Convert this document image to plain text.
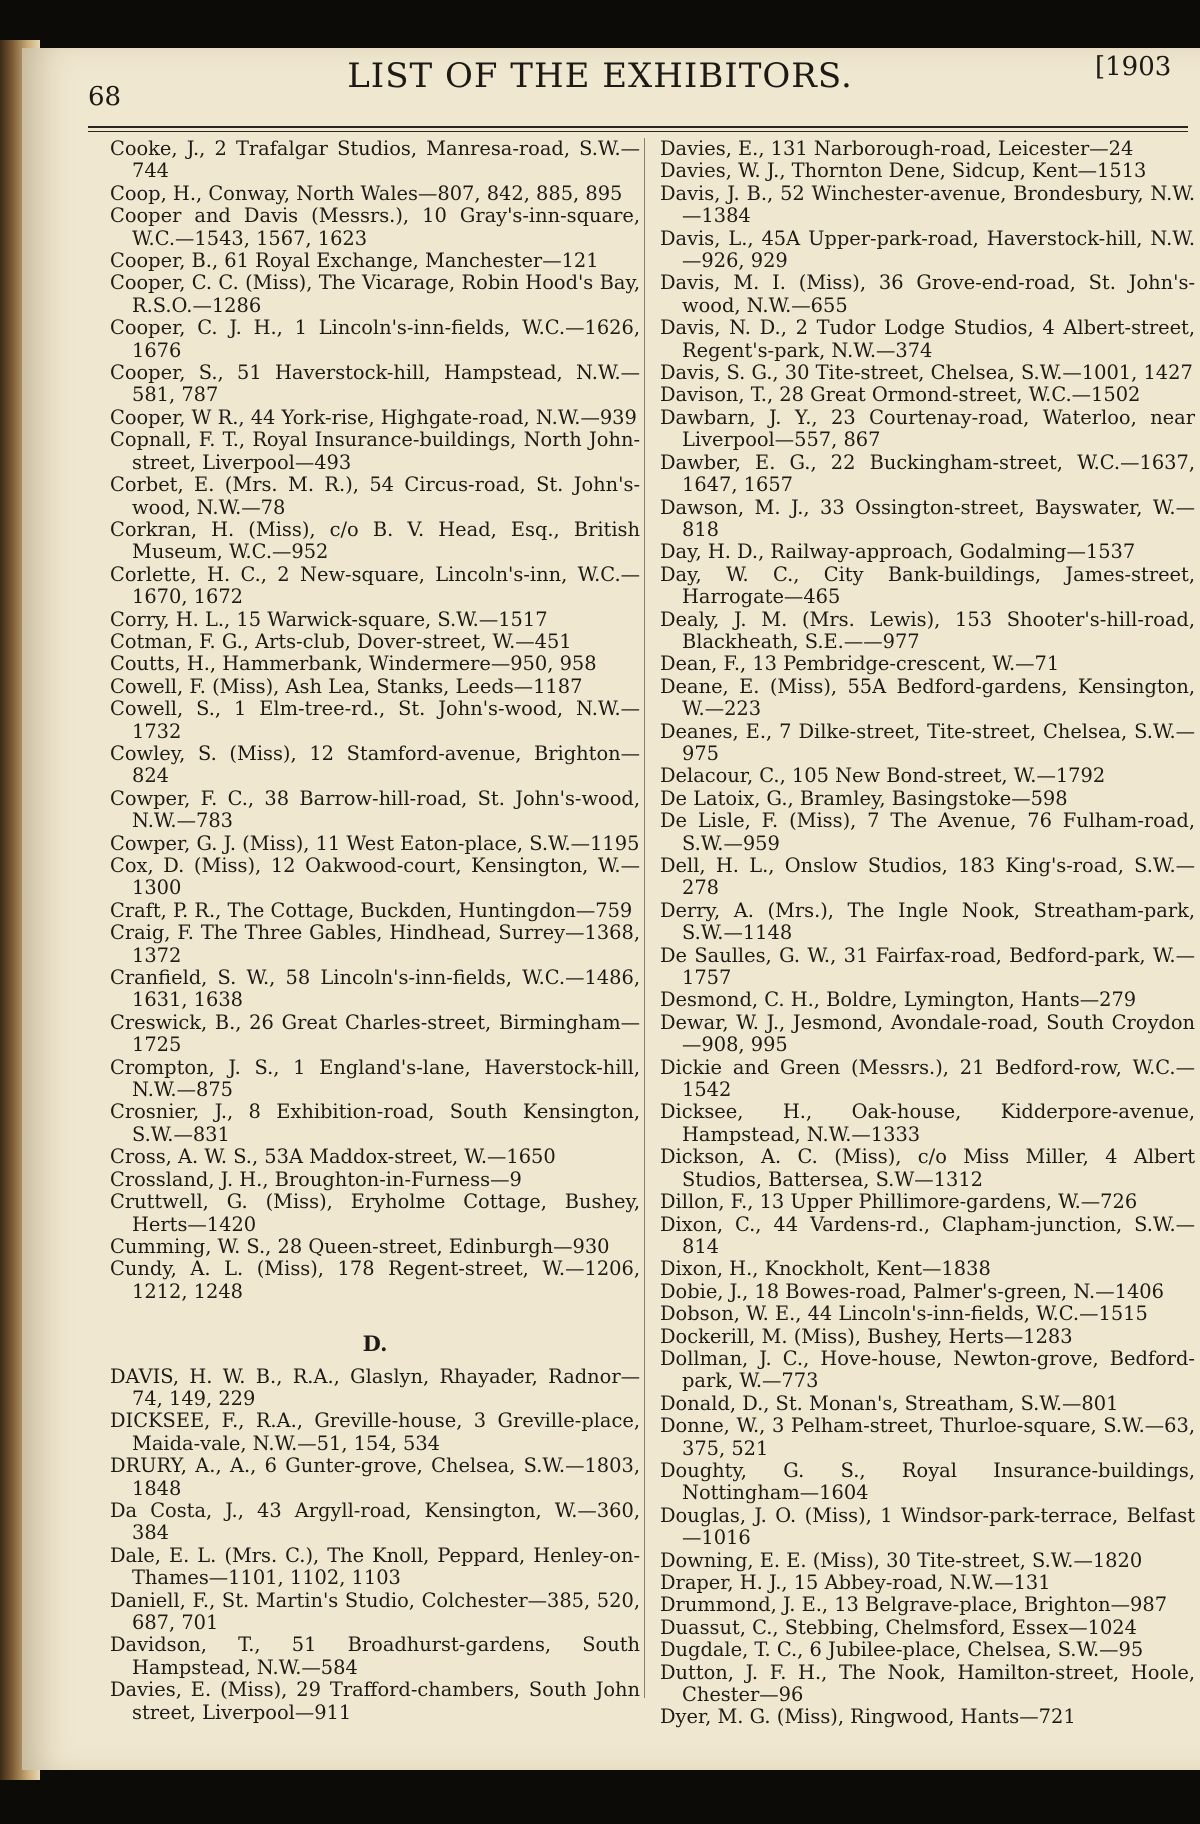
68
LIST OF THE EXHIBITORS.	[1903

Cooke, J., 2 Trafalgar Studios, Manresa-road, S.W.—744

Coop, H., Conway, North Wales—807, 842, 885, 895

Cooper and Davis (Messrs.), 10 Gray's-inn-square, W.C.—1543, 1567, 1623

Cooper, B., 61 Royal Exchange, Manchester—121

Cooper, C. C. (Miss), The Vicarage, Robin Hood's Bay, R.S.O.—1286

Cooper, C. J. H., 1 Lincoln's-inn-fields, W.C.—1626, 1676

Cooper, S., 51 Haverstock-hill, Hampstead, N.W.—581, 787

Cooper, W R., 44 York-rise, Highgate-road, N.W.—939

Copnall, F. T., Royal Insurance-buildings, North John-street, Liverpool—493

Corbet, E. (Mrs. M. R.), 54 Circus-road, St. John's-wood, N.W.—78

Corkran, H. (Miss), c/o B. V. Head, Esq., British Museum, W.C.—952

Corlette, H. C., 2 New-square, Lincoln's-inn, W.C.—1670, 1672

Corry, H. L., 15 Warwick-square, S.W.—1517

Cotman, F. G., Arts-club, Dover-street, W.—451

Coutts, H., Hammerbank, Windermere—950, 958

Cowell, F. (Miss), Ash Lea, Stanks, Leeds—1187

Cowell, S., 1 Elm-tree-rd., St. John's-wood, N.W.—1732

Cowley, S. (Miss), 12 Stamford-avenue, Brighton—824

Cowper, F. C., 38 Barrow-hill-road, St. John's-wood, N.W.—783

Cowper, G. J. (Miss), 11 West Eaton-place, S.W.—1195

Cox, D. (Miss), 12 Oakwood-court, Kensington, W.—1300

Craft, P. R., The Cottage, Buckden, Huntingdon—759

Craig, F. The Three Gables, Hindhead, Surrey—1368, 1372

Cranfield, S. W., 58 Lincoln's-inn-fields, W.C.—1486, 1631, 1638

Creswick, B., 26 Great Charles-street, Birmingham—1725

Crompton, J. S., 1 England's-lane, Haverstock-hill, N.W.—875

Crosnier, J., 8 Exhibition-road, South Kensington, S.W.—831

Cross, A. W. S., 53A Maddox-street, W.—1650

Crossland, J. H., Broughton-in-Furness—9

Cruttwell, G. (Miss), Eryholme Cottage, Bushey, Herts—1420

Cumming, W. S., 28 Queen-street, Edinburgh—930

Cundy, A. L. (Miss), 178 Regent-street, W.—1206, 1212, 1248

D.

DAVIS, H. W. B., R.A., Glaslyn, Rhayader, Radnor—74, 149, 229

DICKSEE, F., R.A., Greville-house, 3 Greville-place, Maida-vale, N.W.—51, 154, 534

DRURY, A., A., 6 Gunter-grove, Chelsea, S.W.—1803, 1848

Da Costa, J., 43 Argyll-road, Kensington, W.—360, 384

Dale, E. L. (Mrs. C.), The Knoll, Peppard, Henley-on-Thames—1101, 1102, 1103

Daniell, F., St. Martin's Studio, Colchester—385, 520, 687, 701

Davidson, T., 51 Broadhurst-gardens, South Hampstead, N.W.—584

Davies, E. (Miss), 29 Trafford-chambers, South John street, Liverpool—911

Davies, E., 131 Narborough-road, Leicester—24

Davies, W. J., Thornton Dene, Sidcup, Kent—1513

Davis, J. B., 52 Winchester-avenue, Brondesbury, N.W.—1384

Davis, L., 45A Upper-park-road, Haverstock-hill, N.W.—926, 929

Davis, M. I. (Miss), 36 Grove-end-road, St. John's-wood, N.W.—655

Davis, N. D., 2 Tudor Lodge Studios, 4 Albert-street, Regent's-park, N.W.—374

Davis, S. G., 30 Tite-street, Chelsea, S.W.—1001, 1427

Davison, T., 28 Great Ormond-street, W.C.—1502

Dawbarn, J. Y., 23 Courtenay-road, Waterloo, near Liverpool—557, 867

Dawber, E. G., 22 Buckingham-street, W.C.—1637, 1647, 1657

Dawson, M. J., 33 Ossington-street, Bayswater, W.—818

Day, H. D., Railway-approach, Godalming—1537

Day, W. C., City Bank-buildings, James-street, Harrogate—465

Dealy, J. M. (Mrs. Lewis), 153 Shooter's-hill-road, Blackheath, S.E.——977

Dean, F., 13 Pembridge-crescent, W.—71

Deane, E. (Miss), 55A Bedford-gardens, Kensington, W.—223

Deanes, E., 7 Dilke-street, Tite-street, Chelsea, S.W.—975

Delacour, C., 105 New Bond-street, W.—1792

De Latoix, G., Bramley, Basingstoke—598

De Lisle, F. (Miss), 7 The Avenue, 76 Fulham-road, S.W.—959

Dell, H. L., Onslow Studios, 183 King's-road, S.W.—278

Derry, A. (Mrs.), The Ingle Nook, Streatham-park, S.W.—1148

De Saulles, G. W., 31 Fairfax-road, Bedford-park, W.—1757

Desmond, C. H., Boldre, Lymington, Hants—279

Dewar, W. J., Jesmond, Avondale-road, South Croydon—908, 995

Dickie and Green (Messrs.), 21 Bedford-row, W.C.—1542

Dicksee, H., Oak-house, Kidderpore-avenue, Hampstead, N.W.—1333

Dickson, A. C. (Miss), c/o Miss Miller, 4 Albert Studios, Battersea, S.W—1312

Dillon, F., 13 Upper Phillimore-gardens, W.—726

Dixon, C., 44 Vardens-rd., Clapham-junction, S.W.—814

Dixon, H., Knockholt, Kent—1838

Dobie, J., 18 Bowes-road, Palmer's-green, N.—1406

Dobson, W. E., 44 Lincoln's-inn-fields, W.C.—1515

Dockerill, M. (Miss), Bushey, Herts—1283

Dollman, J. C., Hove-house, Newton-grove, Bedford-park, W.—773

Donald, D., St. Monan's, Streatham, S.W.—801

Donne, W., 3 Pelham-street, Thurloe-square, S.W.—63, 375, 521

Doughty, G. S., Royal Insurance-buildings, Nottingham—1604

Douglas, J. O. (Miss), 1 Windsor-park-terrace, Belfast—1016

Downing, E. E. (Miss), 30 Tite-street, S.W.—1820

Draper, H. J., 15 Abbey-road, N.W.—131

Drummond, J. E., 13 Belgrave-place, Brighton—987

Duassut, C., Stebbing, Chelmsford, Essex—1024

Dugdale, T. C., 6 Jubilee-place, Chelsea, S.W.—95

Dutton, J. F. H., The Nook, Hamilton-street, Hoole, Chester—96

Dyer, M. G. (Miss), Ringwood, Hants—721
